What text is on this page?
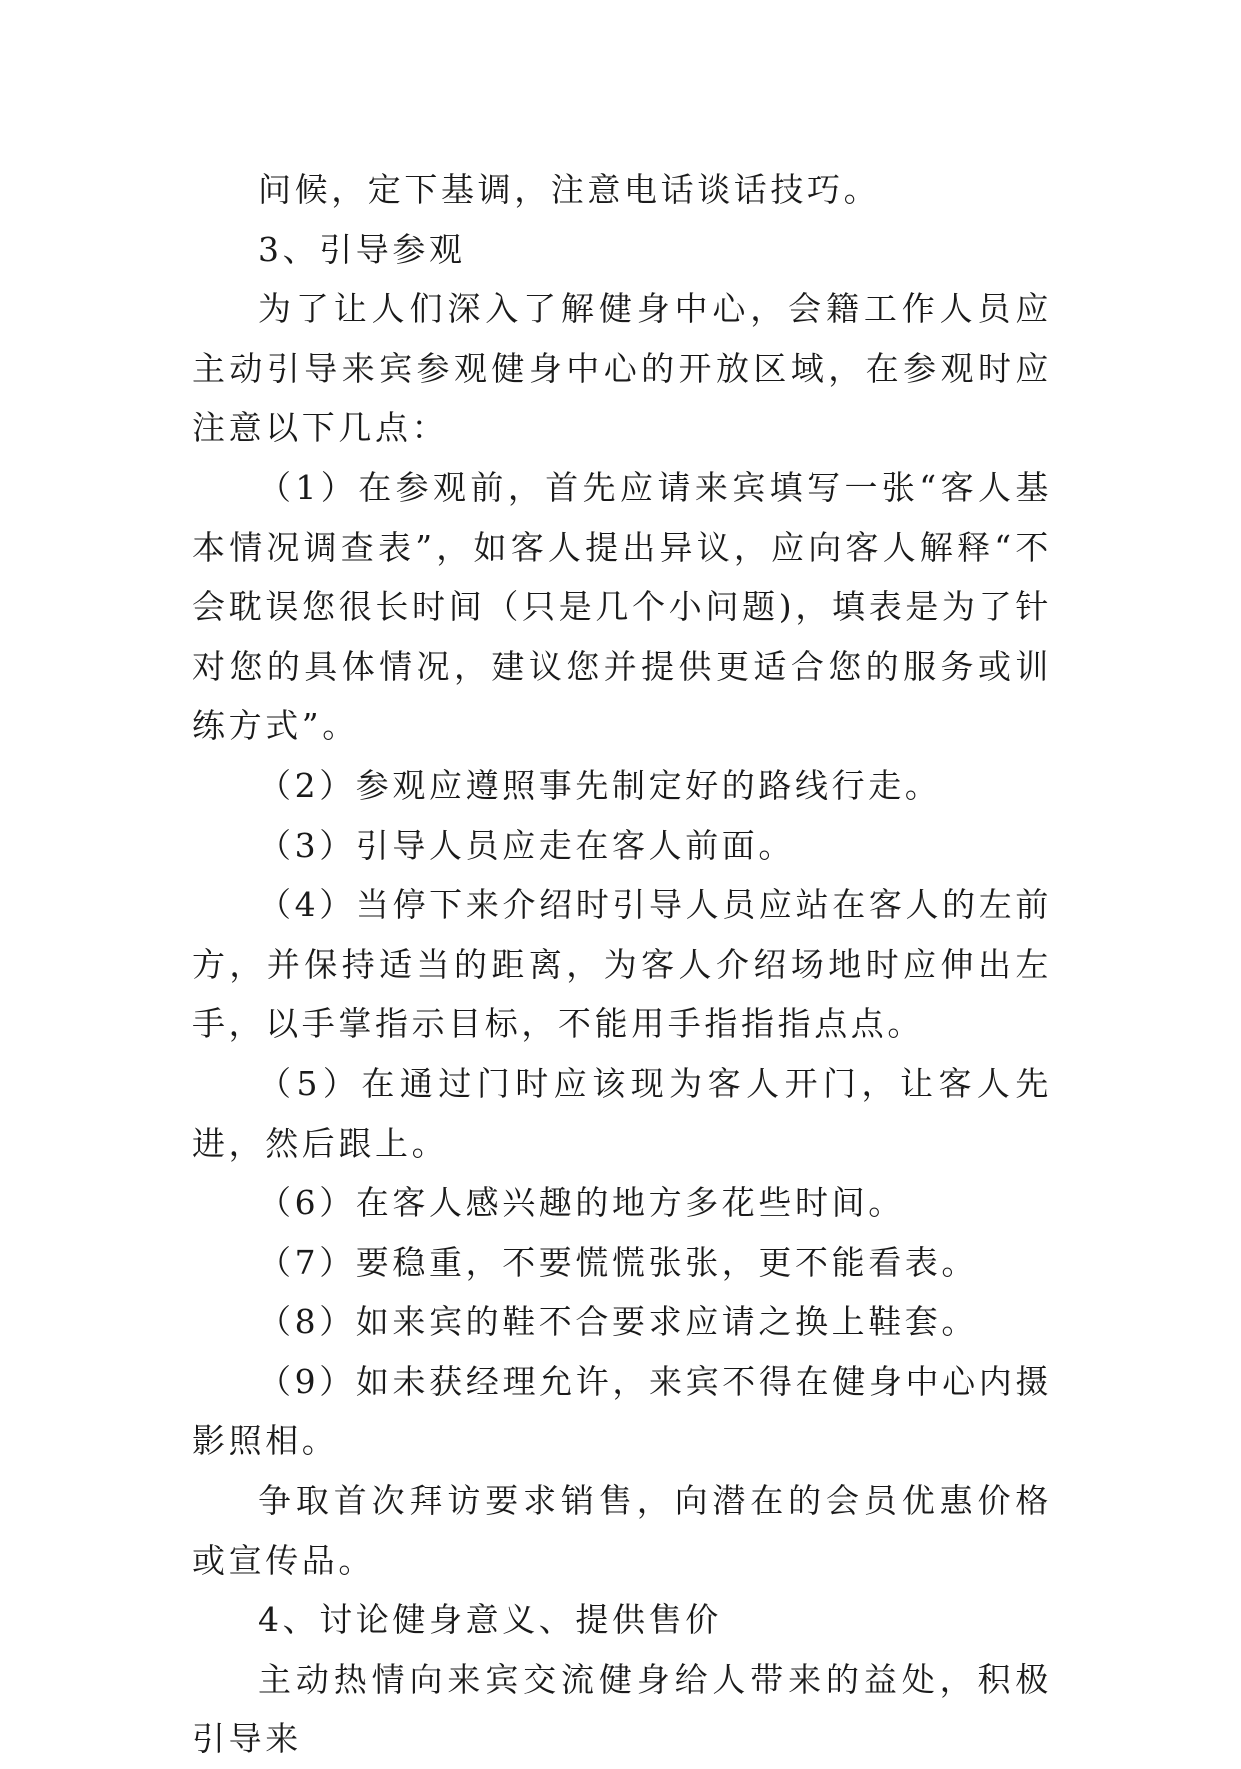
问候，定下基调，注意电话谈话技巧。

3、引导参观

为了让人们深入了解健身中心，会籍工作人员应主动引导来宾参观健身中心的开放区域，在参观时应注意以下几点：

（1）在参观前，首先应请来宾填写一张“客人基本情况调查表”，如客人提出异议，应向客人解释“不会耽误您很长时间（只是几个小问题)，填表是为了针对您的具体情况，建议您并提供更适合您的服务或训练方式”。

（2）参观应遵照事先制定好的路线行走。

（3）引导人员应走在客人前面。

（4）当停下来介绍时引导人员应站在客人的左前方，并保持适当的距离，为客人介绍场地时应伸出左手，以手掌指示目标，不能用手指指指点点。

（5）在通过门时应该现为客人开门，让客人先进，然后跟上。

（6）在客人感兴趣的地方多花些时间。

（7）要稳重，不要慌慌张张，更不能看表。

（8）如来宾的鞋不合要求应请之换上鞋套。

（9）如未获经理允许，来宾不得在健身中心内摄影照相。

争取首次拜访要求销售，向潜在的会员优惠价格或宣传品。

4、讨论健身意义、提供售价

主动热情向来宾交流健身给人带来的益处，积极引导来
